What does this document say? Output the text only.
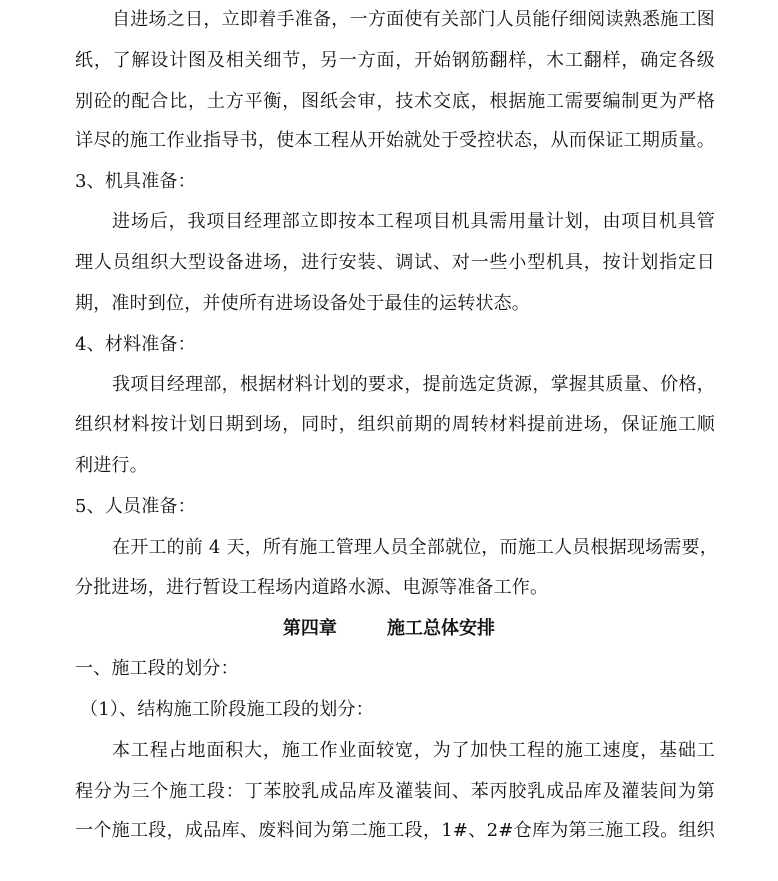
自进场之日，立即着手准备，一方面使有关部门人员能仔细阅读熟悉施工图
纸，了解设计图及相关细节，另一方面，开始钢筋翻样，木工翻样，确定各级
别砼的配合比，土方平衡，图纸会审，技术交底，根据施工需要编制更为严格
详尽的施工作业指导书，使本工程从开始就处于受控状态，从而保证工期质量。
3、机具准备：
进场后，我项目经理部立即按本工程项目机具需用量计划，由项目机具管
理人员组织大型设备进场，进行安装、调试、对一些小型机具，按计划指定日
期，准时到位，并使所有进场设备处于最佳的运转状态。
4、材料准备：
我项目经理部，根据材料计划的要求，提前选定货源，掌握其质量、价格，
组织材料按计划日期到场，同时，组织前期的周转材料提前进场，保证施工顺
利进行。
5、人员准备：
在开工的前 4 天，所有施工管理人员全部就位，而施工人员根据现场需要，
分批进场，进行暂设工程场内道路水源、电源等准备工作。
第四章        施工总体安排
一、施工段的划分：
（1）、结构施工阶段施工段的划分：
本工程占地面积大，施工作业面较宽，为了加快工程的施工速度，基础工
程分为三个施工段：丁苯胶乳成品库及灌装间、苯丙胶乳成品库及灌装间为第
一个施工段，成品库、废料间为第二施工段，1#、2#仓库为第三施工段。组织
